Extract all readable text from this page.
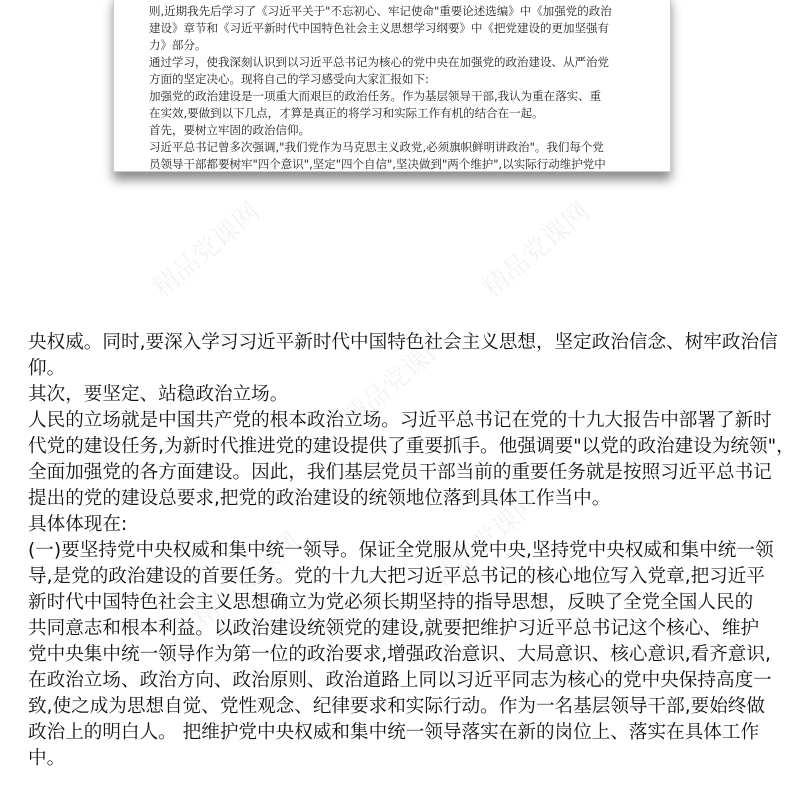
则,近期我先后学习了《习近平关于"不忘初心、牢记使命"重要论述选编》中《加强党的政治
建设》章节和《习近平新时代中国特色社会主义思想学习纲要》中《把党建设的更加坚强有
力》部分。
通过学习，使我深刻认识到以习近平总书记为核心的党中央在加强党的政治建设、从严治党
方面的坚定决心。现将自己的学习感受向大家汇报如下:
加强党的政治建设是一项重大而艰巨的政治任务。作为基层领导干部,我认为重在落实、重
在实效,要做到以下几点，才算是真正的将学习和实际工作有机的结合在一起。
首先，要树立牢固的政治信仰。
习近平总书记曾多次强调,"我们党作为马克思主义政党,必须旗帜鲜明讲政治"。我们每个党
员领导干部都要树牢"四个意识",坚定"四个自信",坚决做到"两个维护",以实际行动维护党中
央权威。同时,要深入学习习近平新时代中国特色社会主义思想，坚定政治信念、树牢政治信
仰。
其次，要坚定、站稳政治立场。
人民的立场就是中国共产党的根本政治立场。习近平总书记在党的十九大报告中部署了新时
代党的建设任务,为新时代推进党的建设提供了重要抓手。他强调要"以党的政治建设为统领"，
全面加强党的各方面建设。因此，我们基层党员干部当前的重要任务就是按照习近平总书记
提出的党的建设总要求,把党的政治建设的统领地位落到具体工作当中。
具体体现在:
(一)要坚持党中央权威和集中统一领导。保证全党服从党中央,坚持党中央权威和集中统一领
导,是党的政治建设的首要任务。党的十九大把习近平总书记的核心地位写入党章,把习近平
新时代中国特色社会主义思想确立为党必须长期坚持的指导思想，反映了全党全国人民的
共同意志和根本利益。以政治建设统领党的建设,就要把维护习近平总书记这个核心、维护
党中央集中统一领导作为第一位的政治要求,增强政治意识、大局意识、核心意识,看齐意识,
在政治立场、政治方向、政治原则、政治道路上同以习近平同志为核心的党中央保持高度一
致,使之成为思想自觉、党性观念、纪律要求和实际行动。作为一名基层领导干部,要始终做
政治上的明白人。 把维护党中央权威和集中统一领导落实在新的岗位上、落实在具体工作
中。
精品党课网	精品党课网
精品党课网
精品党课网
精品党课网
